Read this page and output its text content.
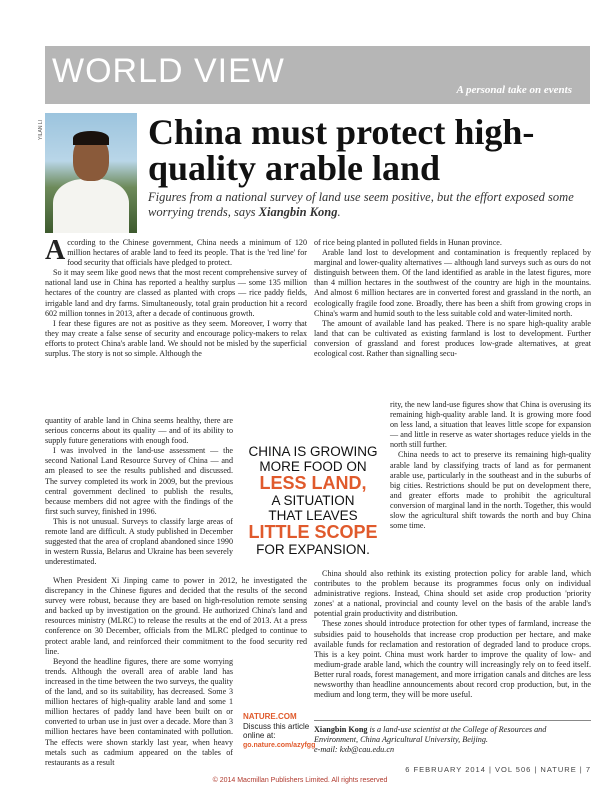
WORLD VIEW	A personal take on events
YILAN LI	China must protect high-quality arable land

Figures from a national survey of land use seem positive, but the effort exposed some worrying trends, says Xiangbin Kong.

According to the Chinese government, China needs a minimum of 120 million hectares of arable land to feed its people. That is the 'red line' for food security that officials have pledged to protect.

So it may seem like good news that the most recent comprehensive survey of national land use in China has reported a healthy surplus — some 135 million hectares of the country are classed as planted with crops — rice paddy fields, irrigable land and dry farms. Simultaneously, total grain production hit a record 602 million tonnes in 2013, after a decade of continuous growth.

I fear these figures are not as positive as they seem. Moreover, I worry that they may create a false sense of security and encourage policy-makers to relax efforts to protect China's arable land. We should not be misled by the superficial surplus. The story is not so simple. Although the

quantity of arable land in China seems healthy, there are serious concerns about its quality — and of its ability to supply future generations with enough food.

I was involved in the land-use assessment — the second National Land Resource Survey of China — and am pleased to see the results published and discussed. The survey completed its work in 2009, but the previous central government declined to publish the results, because members did not agree with the findings of the first such survey, finished in 1996.

This is not unusual. Surveys to classify large areas of remote land are difficult. A study published in December suggested that the area of cropland abandoned since 1990 in western Russia, Belarus and Ukraine has been severely underestimated.

When President Xi Jinping came to power in 2012, he investigated the discrepancy in the Chinese figures and decided that the results of the second survey were robust, because they are based on high-resolution remote sensing and backed up by investigation on the ground. He authorized China's land and resources ministry (MLRC) to release the results at the end of 2013. At a press conference on 30 December, officials from the MLRC pledged to continue to protect arable land, and reinforced their commitment to the food security red line.

Beyond the headline figures, there are some worrying trends. Although the overall area of arable land has increased in the time between the two surveys, the quality of the land, and so its suitability, has decreased. Some 3 million hectares of high-quality arable land and some 1 million hectares of paddy land have been built on or converted to urban use in just over a decade. More than 3 million hectares have been contaminated with pollution. The effects were shown starkly last year, when heavy metals such as cadmium appeared on the tables of restaurants as a result

of rice being planted in polluted fields in Hunan province.

Arable land lost to development and contamination is frequently replaced by marginal and lower-quality alternatives — although land surveys such as ours do not distinguish between them. Of the land identified as arable in the latest figures, more than 4 million hectares in the southwest of the country are high in the mountains. And almost 6 million hectares are in converted forest and grassland in the north, an ecologically fragile food zone. Broadly, there has been a shift from growing crops in China's warm and humid south to the less suitable cold and water-limited north.

The amount of available land has peaked. There is no spare high-quality arable land that can be cultivated as existing farmland is lost to development. Further conversion of grassland and forest produces low-grade alternatives, at great ecological cost. Rather than signalling secu-

rity, the new land-use figures show that China is overusing its remaining high-quality arable land. It is growing more food on less land, a situation that leaves little scope for expansion — and little in reserve as water shortages reduce yields in the north still further.

China needs to act to preserve its remaining high-quality arable land by classifying tracts of land as for permanent arable use, particularly in the southeast and in the suburbs of big cities. Restrictions should be put on development there, and greater efforts made to prohibit the agricultural conversion of marginal land in the north. Together, this would slow the agricultural shift towards the north and buy China some time.

China should also rethink its existing protection policy for arable land, which contributes to the problem because its programmes focus only on individual administrative regions. Instead, China should set aside crop production 'priority zones' at a national, provincial and county level on the basis of the arable land's potential grain productivity and distribution.

These zones should introduce protection for other types of farmland, increase the subsidies paid to households that increase crop production per hectare, and make available funds for reclamation and restoration of degraded land to produce crops. This is a key point. China must work harder to improve the quality of low- and medium-grade arable land, which the country will increasingly rely on to feed itself. Better rural roads, forest management, and more irrigation canals and ditches are less newsworthy than headline announcements about record crop production, but, in the medium and long term, they will be more useful.

CHINA IS GROWING
MORE FOOD ON
LESS LAND,
A SITUATION
THAT LEAVES
LITTLE SCOPE
FOR EXPANSION.
NATURE.COM
Discuss this article
online at:
go.nature.com/azyfgg
Xiangbin Kong is a land-use scientist at the College of Resources and Environment, China Agricultural University, Beijing.
e-mail: kxb@cau.edu.cn
6 FEBRUARY 2014 | VOL 506 | NATURE | 7
© 2014 Macmillan Publishers Limited. All rights reserved
